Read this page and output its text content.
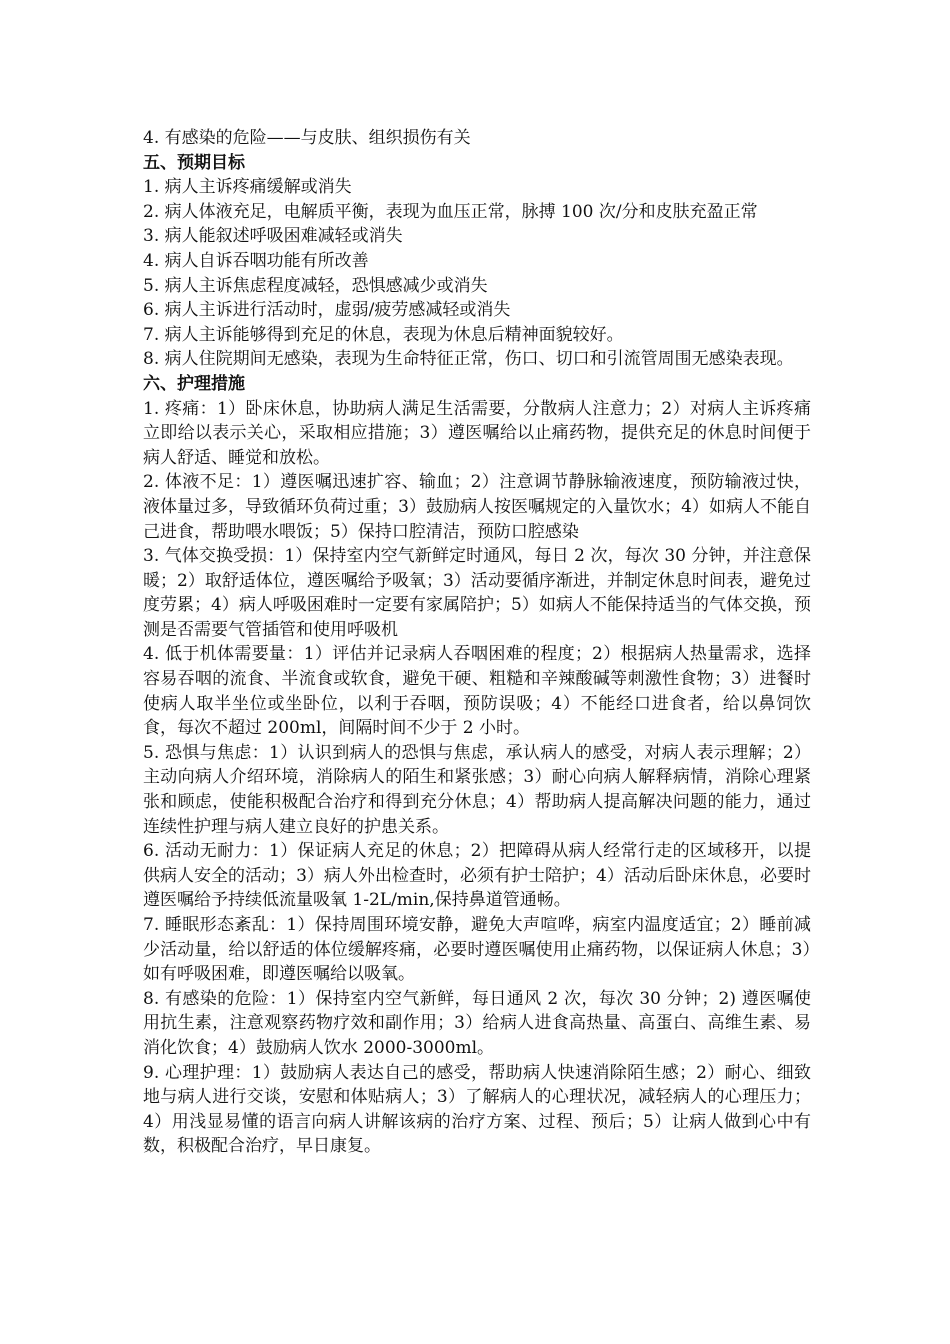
4. 有感染的危险——与皮肤、组织损伤有关

五、预期目标

1. 病人主诉疼痛缓解或消失

2. 病人体液充足，电解质平衡，表现为血压正常，脉搏 100 次/分和皮肤充盈正常

3. 病人能叙述呼吸困难减轻或消失

4. 病人自诉吞咽功能有所改善

5. 病人主诉焦虑程度减轻，恐惧感减少或消失

6. 病人主诉进行活动时，虚弱/疲劳感减轻或消失

7. 病人主诉能够得到充足的休息，表现为休息后精神面貌较好。

8. 病人住院期间无感染，表现为生命特征正常，伤口、切口和引流管周围无感染表现。

六、护理措施

1. 疼痛：1）卧床休息，协助病人满足生活需要，分散病人注意力；2）对病人主诉疼痛立即给以表示关心，采取相应措施；3）遵医嘱给以止痛药物，提供充足的休息时间便于病人舒适、睡觉和放松。

2. 体液不足：1）遵医嘱迅速扩容、输血；2）注意调节静脉输液速度，预防输液过快，液体量过多，导致循环负荷过重；3）鼓励病人按医嘱规定的入量饮水；4）如病人不能自己进食，帮助喂水喂饭；5）保持口腔清洁，预防口腔感染

3. 气体交换受损：1）保持室内空气新鲜定时通风，每日 2 次，每次 30 分钟，并注意保暖；2）取舒适体位，遵医嘱给予吸氧；3）活动要循序渐进，并制定休息时间表，避免过度劳累；4）病人呼吸困难时一定要有家属陪护；5）如病人不能保持适当的气体交换，预测是否需要气管插管和使用呼吸机

4. 低于机体需要量：1）评估并记录病人吞咽困难的程度；2）根据病人热量需求，选择容易吞咽的流食、半流食或软食，避免干硬、粗糙和辛辣酸碱等刺激性食物；3）进餐时使病人取半坐位或坐卧位，以利于吞咽，预防误吸；4）不能经口进食者，给以鼻饲饮食，每次不超过 200ml，间隔时间不少于 2 小时。

5. 恐惧与焦虑：1）认识到病人的恐惧与焦虑，承认病人的感受，对病人表示理解；2）主动向病人介绍环境，消除病人的陌生和紧张感；3）耐心向病人解释病情，消除心理紧张和顾虑，使能积极配合治疗和得到充分休息；4）帮助病人提高解决问题的能力，通过连续性护理与病人建立良好的护患关系。

6. 活动无耐力：1）保证病人充足的休息；2）把障碍从病人经常行走的区域移开，以提供病人安全的活动；3）病人外出检查时，必须有护士陪护；4）活动后卧床休息，必要时遵医嘱给予持续低流量吸氧 1-2L/min,保持鼻道管通畅。

7. 睡眠形态紊乱：1）保持周围环境安静，避免大声喧哗，病室内温度适宜；2）睡前减少活动量，给以舒适的体位缓解疼痛，必要时遵医嘱使用止痛药物，以保证病人休息；3）如有呼吸困难，即遵医嘱给以吸氧。

8. 有感染的危险：1）保持室内空气新鲜，每日通风 2 次，每次 30 分钟；2) 遵医嘱使用抗生素，注意观察药物疗效和副作用；3）给病人进食高热量、高蛋白、高维生素、易消化饮食；4）鼓励病人饮水 2000-3000ml。

9. 心理护理：1）鼓励病人表达自己的感受，帮助病人快速消除陌生感；2）耐心、细致地与病人进行交谈，安慰和体贴病人；3）了解病人的心理状况，减轻病人的心理压力；4）用浅显易懂的语言向病人讲解该病的治疗方案、过程、预后；5）让病人做到心中有数，积极配合治疗，早日康复。
